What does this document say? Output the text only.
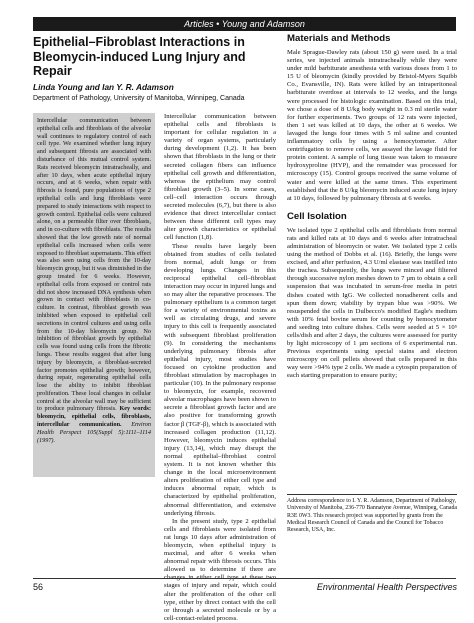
Articles • Young and Adamson
Epithelial–Fibroblast Interactions in Bleomycin-induced Lung Injury and Repair
Linda Young and Ian Y. R. Adamson
Department of Pathology, University of Manitoba, Winnipeg, Canada

Intercellular communication between epithelial cells and fibroblasts of the alveolar wall continues to regulatory control of each cell type. We examined whether lung injury and subsequent fibrosis are associated with disturbance of this mutual control system. Rats received bleomycin intratracheally, and after 10 days, when acute epithelial injury occurs, and at 6 weeks, when repair with fibrosis is found, pure populations of type 2 epithelial cells and lung fibroblasts were prepared to study interactions with respect to growth control. Epithelial cells were cultured alone, on a permeable filter over fibroblasts, and in co-culture with fibroblasts. The results showed that the low growth rate of normal epithelial cells increased when cells were exposed to fibroblast supernatants. This effect was also seen using cells from the 10-day bleomycin group, but it was diminished in the group treated for 6 weeks. However, epithelial cells from exposed or control rats did not show increased DNA synthesis when grown in contact with fibroblasts in co-culture. In contrast, fibroblast growth was inhibited when exposed to epithelial cell secretions in control cultures and using cells from the 10-day bleomycin group. No inhibition of fibroblast growth by epithelial cells was found using cells from the fibrotic lungs. These results suggest that after lung injury by bleomycin, a fibroblast-secreted factor promotes epithelial growth; however, during repair, regenerating epithelial cells lose the ability to inhibit fibroblast proliferation. These local changes in cellular control at the alveolar wall may be sufficient to produce pulmonary fibrosis. Key words: bleomycin, epithelial cells, fibroblasts, intercellular communication. Environ Health Perspect 105(Suppl 5):1111–1114 (1997).

Intercellular communication between epithelial cells and fibroblasts is important for cellular regulation in a variety of organ systems, particularly during development (1,2). It has been shown that fibroblasts in the lung or their secreted collagen fibers can influence epithelial cell growth and differentiation, whereas the epithelium may control fibroblast growth (3–5). In some cases, cell–cell interaction occurs through secreted molecules (6,7), but there is also evidence that direct intercellular contact between these different cell types may alter growth characteristics or epithelial cell function (1,8).

These results have largely been obtained from studies of cells isolated from normal, adult lungs or from developing lungs. Changes in this reciprocal epithelial cell–fibroblast interaction may occur in injured lungs and so may alter the reparative processes. The pulmonary epithelium is a common target for a variety of environmental toxins as well as circulating drugs, and severe injury to this cell is frequently associated with subsequent fibroblast proliferation (9). In considering the mechanisms underlying pulmonary fibrosis after epithelial injury, most studies have focused on cytokine production and fibroblast stimulation by macrophages in particular (10). In the pulmonary response to bleomycin, for example, recovered alveolar macrophages have been shown to secrete a fibroblast growth factor and are also positive for transforming growth factor β (TGF-β), which is associated with increased collagen production (11,12). However, bleomycin induces epithelial injury (13,14), which may disrupt the normal epithelial–fibroblast control system. It is not known whether this change in the local microenvironment alters proliferation of either cell type and induces abnormal repair, which is characterized by epithelial proliferation, abnormal differentiation, and extensive underlying fibrosis.

In the present study, type 2 epithelial cells and fibroblasts were isolated from rat lungs 10 days after administration of bleomycin, when epithelial injury is maximal, and after 6 weeks when abnormal repair with fibrosis occurs. This allowed us to determine if there are changes in either cell type at these two stages of injury and repair, which could alter the proliferation of the other cell type, either by direct contact with the cell or through a secreted molecule or by a cell-contact-related process.

Materials and Methods

Male Sprague-Dawley rats (about 150 g) were used. In a trial series, we injected animals intratracheally while they were under mild barbiturate anesthesia with various doses from 1 to 15 U of bleomycin (kindly provided by Bristol-Myers Squibb Co., Evansville, IN). Rats were killed by an intraperitoneal barbiturate overdose at intervals to 12 weeks, and the lungs were processed for histologic examination. Based on this trial, we chose a dose of 8 U/kg body weight in 0.3 ml sterile water for further experiments. Two groups of 12 rats were injected, then 1 set was killed at 10 days, the other at 6 weeks. We lavaged the lungs four times with 5 ml saline and counted inflammatory cells by using a hemocytometer. After centrifugation to remove cells, we assayed the lavage fluid for protein content. A sample of lung tissue was taken to measure hydroxyproline (HYP), and the remainder was processed for microscopy (15). Control groups received the same volume of water and were killed at the same times. This experiment established that the 8 U/kg bleomycin induced acute lung injury at 10 days, followed by pulmonary fibrosis at 6 weeks.

Cell Isolation

We isolated type 2 epithelial cells and fibroblasts from normal rats and killed rats at 10 days and 6 weeks after intratracheal administration of bleomycin or water. We isolated type 2 cells using the method of Dobbs et al. (16). Briefly, the lungs were excised, and after perfusion, 4.3 U/ml elastase was instilled into the trachea. Subsequently, the lungs were minced and filtered through successive nylon meshes down to 7 µm to obtain a cell suspension that was incubated in serum-free media in petri dishes coated with IgG. We collected nonadherent cells and spun them down; viability by trypan blue was >90%. We resuspended the cells in Dulbecco's modified Eagle's medium with 10% fetal bovine serum for counting by hemocytometer and seeding into culture dishes. Cells were seeded at 5 × 10⁵ cells/dish and after 2 days, the cultures were assessed for purity by light microscopy of 1 µm sections of 6 experimental run. Previous experiments using special stains and electron microscopy on cell pellets showed that cells prepared in this way were >94% type 2 cells. We made a cytospin preparation of each starting preparation to ensure purity;

Address correspondence to I. Y. R. Adamson, Department of Pathology, University of Manitoba, 236-770 Bannatyne Avenue, Winnipeg, Canada R3E 0W3. This research project was supported by grants from the Medical Research Council of Canada and the Council for Tobacco Research, USA, Inc.
56	Environmental Health Perspectives
